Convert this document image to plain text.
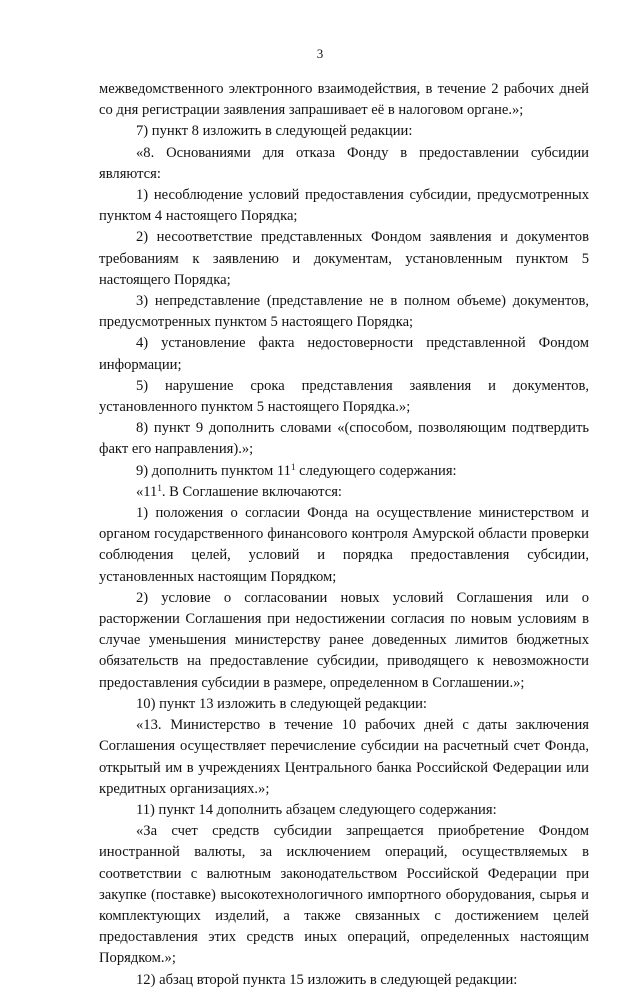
3

межведомственного электронного взаимодействия, в течение 2 рабочих дней со дня регистрации заявления запрашивает её в налоговом органе.»;

7) пункт 8 изложить в следующей редакции:

«8. Основаниями для отказа Фонду в предоставлении субсидии являются:

1) несоблюдение условий предоставления субсидии, предусмотренных пунктом 4 настоящего Порядка;

2) несоответствие представленных Фондом заявления и документов требованиям к заявлению и документам, установленным пунктом 5 настоящего Порядка;

3) непредставление (представление не в полном объеме) документов, предусмотренных пунктом 5 настоящего Порядка;

4) установление факта недостоверности представленной Фондом информации;

5) нарушение срока представления заявления и документов, установленного пунктом 5 настоящего Порядка.»;

8) пункт 9 дополнить словами «(способом, позволяющим подтвердить факт его направления).»;

9) дополнить пунктом $11^1$ следующего содержания:

«$11^1$. В Соглашение включаются:

1) положения о согласии Фонда на осуществление министерством и органом государственного финансового контроля Амурской области проверки соблюдения целей, условий и порядка предоставления субсидии, установленных настоящим Порядком;

2) условие о согласовании новых условий Соглашения или о расторжении Соглашения при недостижении согласия по новым условиям в случае уменьшения министерству ранее доведенных лимитов бюджетных обязательств на предоставление субсидии, приводящего к невозможности предоставления субсидии в размере, определенном в Соглашении.»;

10) пункт 13 изложить в следующей редакции:

«13. Министерство в течение 10 рабочих дней с даты заключения Соглашения осуществляет перечисление субсидии на расчетный счет Фонда, открытый им в учреждениях Центрального банка Российской Федерации или кредитных организациях.»;

11) пункт 14 дополнить абзацем следующего содержания:

«За счет средств субсидии запрещается приобретение Фондом иностранной валюты, за исключением операций, осуществляемых в соответствии с валютным законодательством Российской Федерации при закупке (поставке) высокотехнологичного импортного оборудования, сырья и комплектующих изделий, а также связанных с достижением целей предоставления этих средств иных операций, определенных настоящим Порядком.»;

12) абзац второй пункта 15 изложить в следующей редакции:
